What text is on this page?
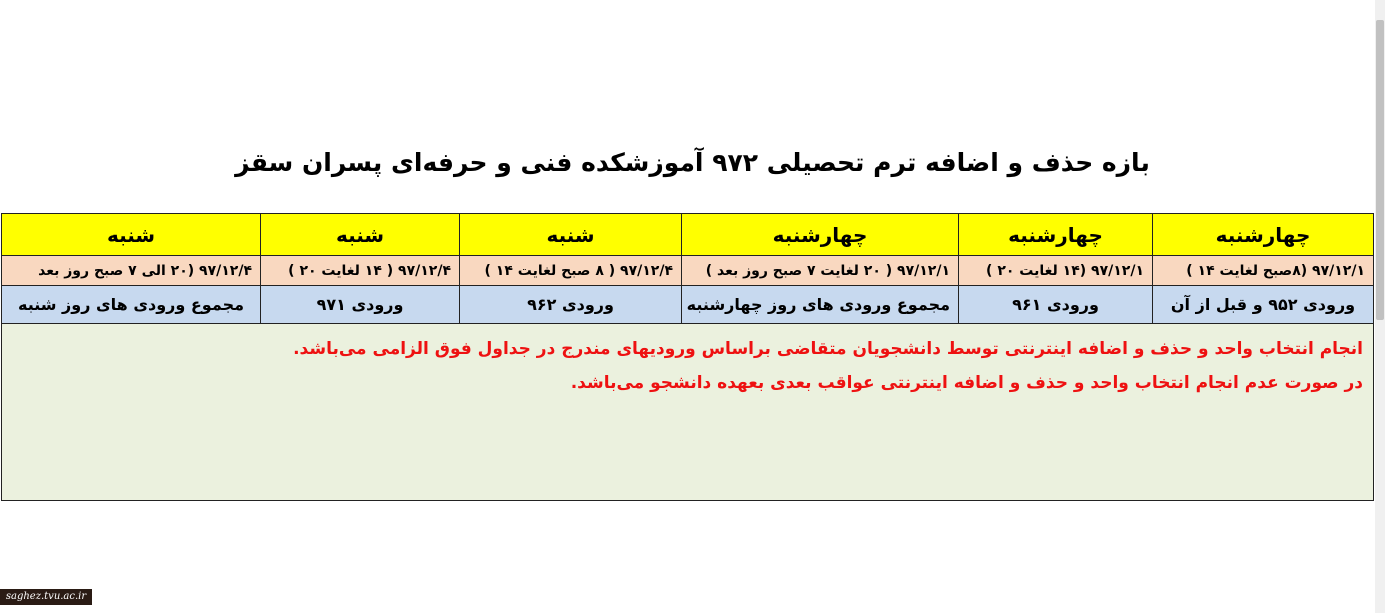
بازه حذف و اضافه ترم تحصیلی ۹۷۲ آموزشکده فنی و حرفه‌ای پسران سقز
چهارشنبه	چهارشنبه	چهارشنبه	شنبه	شنبه	شنبه
۹۷/۱۲/۱ (۸صبح لغایت ۱۴ )	۹۷/۱۲/۱ (۱۴ لغایت ۲۰ )	۹۷/۱۲/۱ ( ۲۰ لغایت ۷ صبح روز بعد )	۹۷/۱۲/۴ ( ۸ صبح لغایت ۱۴ )	۹۷/۱۲/۴ ( ۱۴ لغایت ۲۰ )	۹۷/۱۲/۴ (۲۰ الی ۷ صبح روز بعد
ورودی ۹۵۲ و قبل از آن	ورودی ۹۶۱	مجموع ورودی های روز چهارشنبه	ورودی ۹۶۲	ورودی ۹۷۱	مجموع ورودی های روز شنبه

انجام انتخاب واحد و حذف و اضافه اینترنتی توسط دانشجویان متقاضی براساس ورودیهای مندرج در جداول فوق الزامی می‌باشد.
در صورت عدم انجام انتخاب واحد و حذف و اضافه اینترنتی عواقب بعدی بعهده دانشجو می‌باشد.					
saghez.tvu.ac.ir
